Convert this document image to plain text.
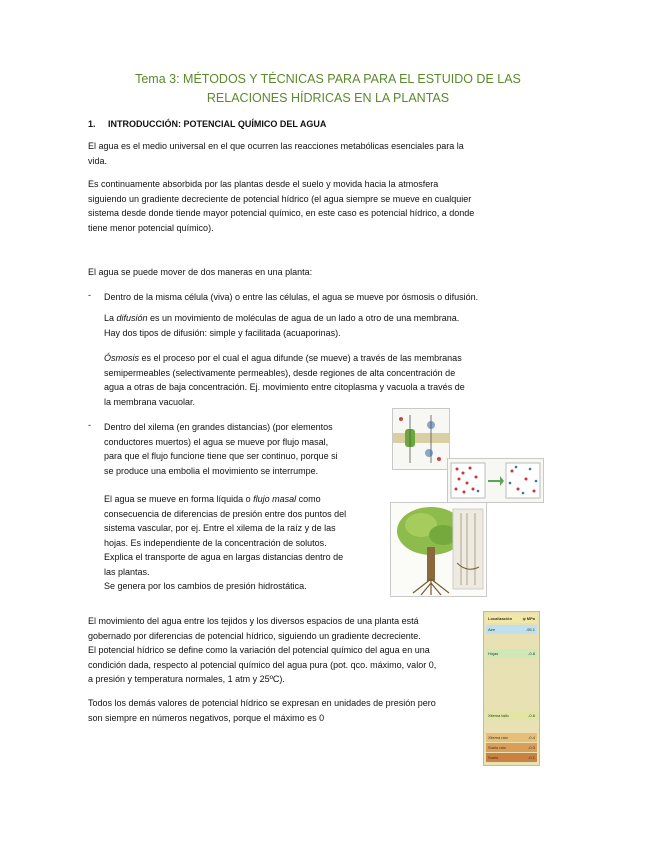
Tema 3: MÉTODOS Y TÉCNICAS PARA PARA EL ESTUIDO DE LAS
RELACIONES HÍDRICAS EN LA PLANTAS
1. INTRODUCCIÓN: POTENCIAL QUÍMICO DEL AGUA
El agua es el medio universal en el que ocurren las reacciones metabólicas esenciales para la
vida.
Es continuamente absorbida por las plantas desde el suelo y movida hacia la atmosfera
siguiendo un gradiente decreciente de potencial hídrico (el agua siempre se mueve en cualquier
sistema desde donde tiende mayor potencial químico, en este caso es potencial hídrico, a donde
tiene menor potencial químico).
El agua se puede mover de dos maneras en una planta:
- Dentro de la misma célula (viva) o entre las células, el agua se mueve por ósmosis o difusión.
La difusión es un movimiento de moléculas de agua de un lado a otro de una membrana.
Hay dos tipos de difusión: simple y facilitada (acuaporinas).
Ósmosis es el proceso por el cual el agua difunde (se mueve) a través de las membranas
semipermeables (selectivamente permeables), desde regiones de alta concentración de
agua a otras de baja concentración. Ej. movimiento entre citoplasma y vacuola a través de
la membrana vacuolar.
- Dentro del xilema (en grandes distancias) (por elementos
conductores muertos) el agua se mueve por flujo masal,
para que el flujo funcione tiene que ser continuo, porque si
se produce una embolia el movimiento se interrumpe.
El agua se mueve en forma líquida o flujo masal como
consecuencia de diferencias de presión entre dos puntos del
sistema vascular, por ej. Entre el xilema de la raíz y de las
hojas. Es independiente de la concentración de solutos.
Explica el transporte de agua en largas distancias dentro de
las plantas.
Se genera por los cambios de presión hidrostática.
El movimiento del agua entre los tejidos y los diversos espacios de una planta está
gobernado por diferencias de potencial hídrico, siguiendo un gradiente decreciente.
El potencial hídrico se define como la variación del potencial químico del agua en una
condición dada, respecto al potencial químico del agua pura (pot. qco. máximo, valor 0,
a presión y temperatura normales, 1 atm y 25ºC).
Todos los demás valores de potencial hídrico se expresan en unidades de presión pero
son siempre en números negativos, porque el máximo es 0
Localización	ψ MPa
Aire	-95.1
Hojas	-0.8
Xilema tallo	-0.6
Xilema raíz	-0.4
Suelo raíz	-0.3
Suelo	-0.1
